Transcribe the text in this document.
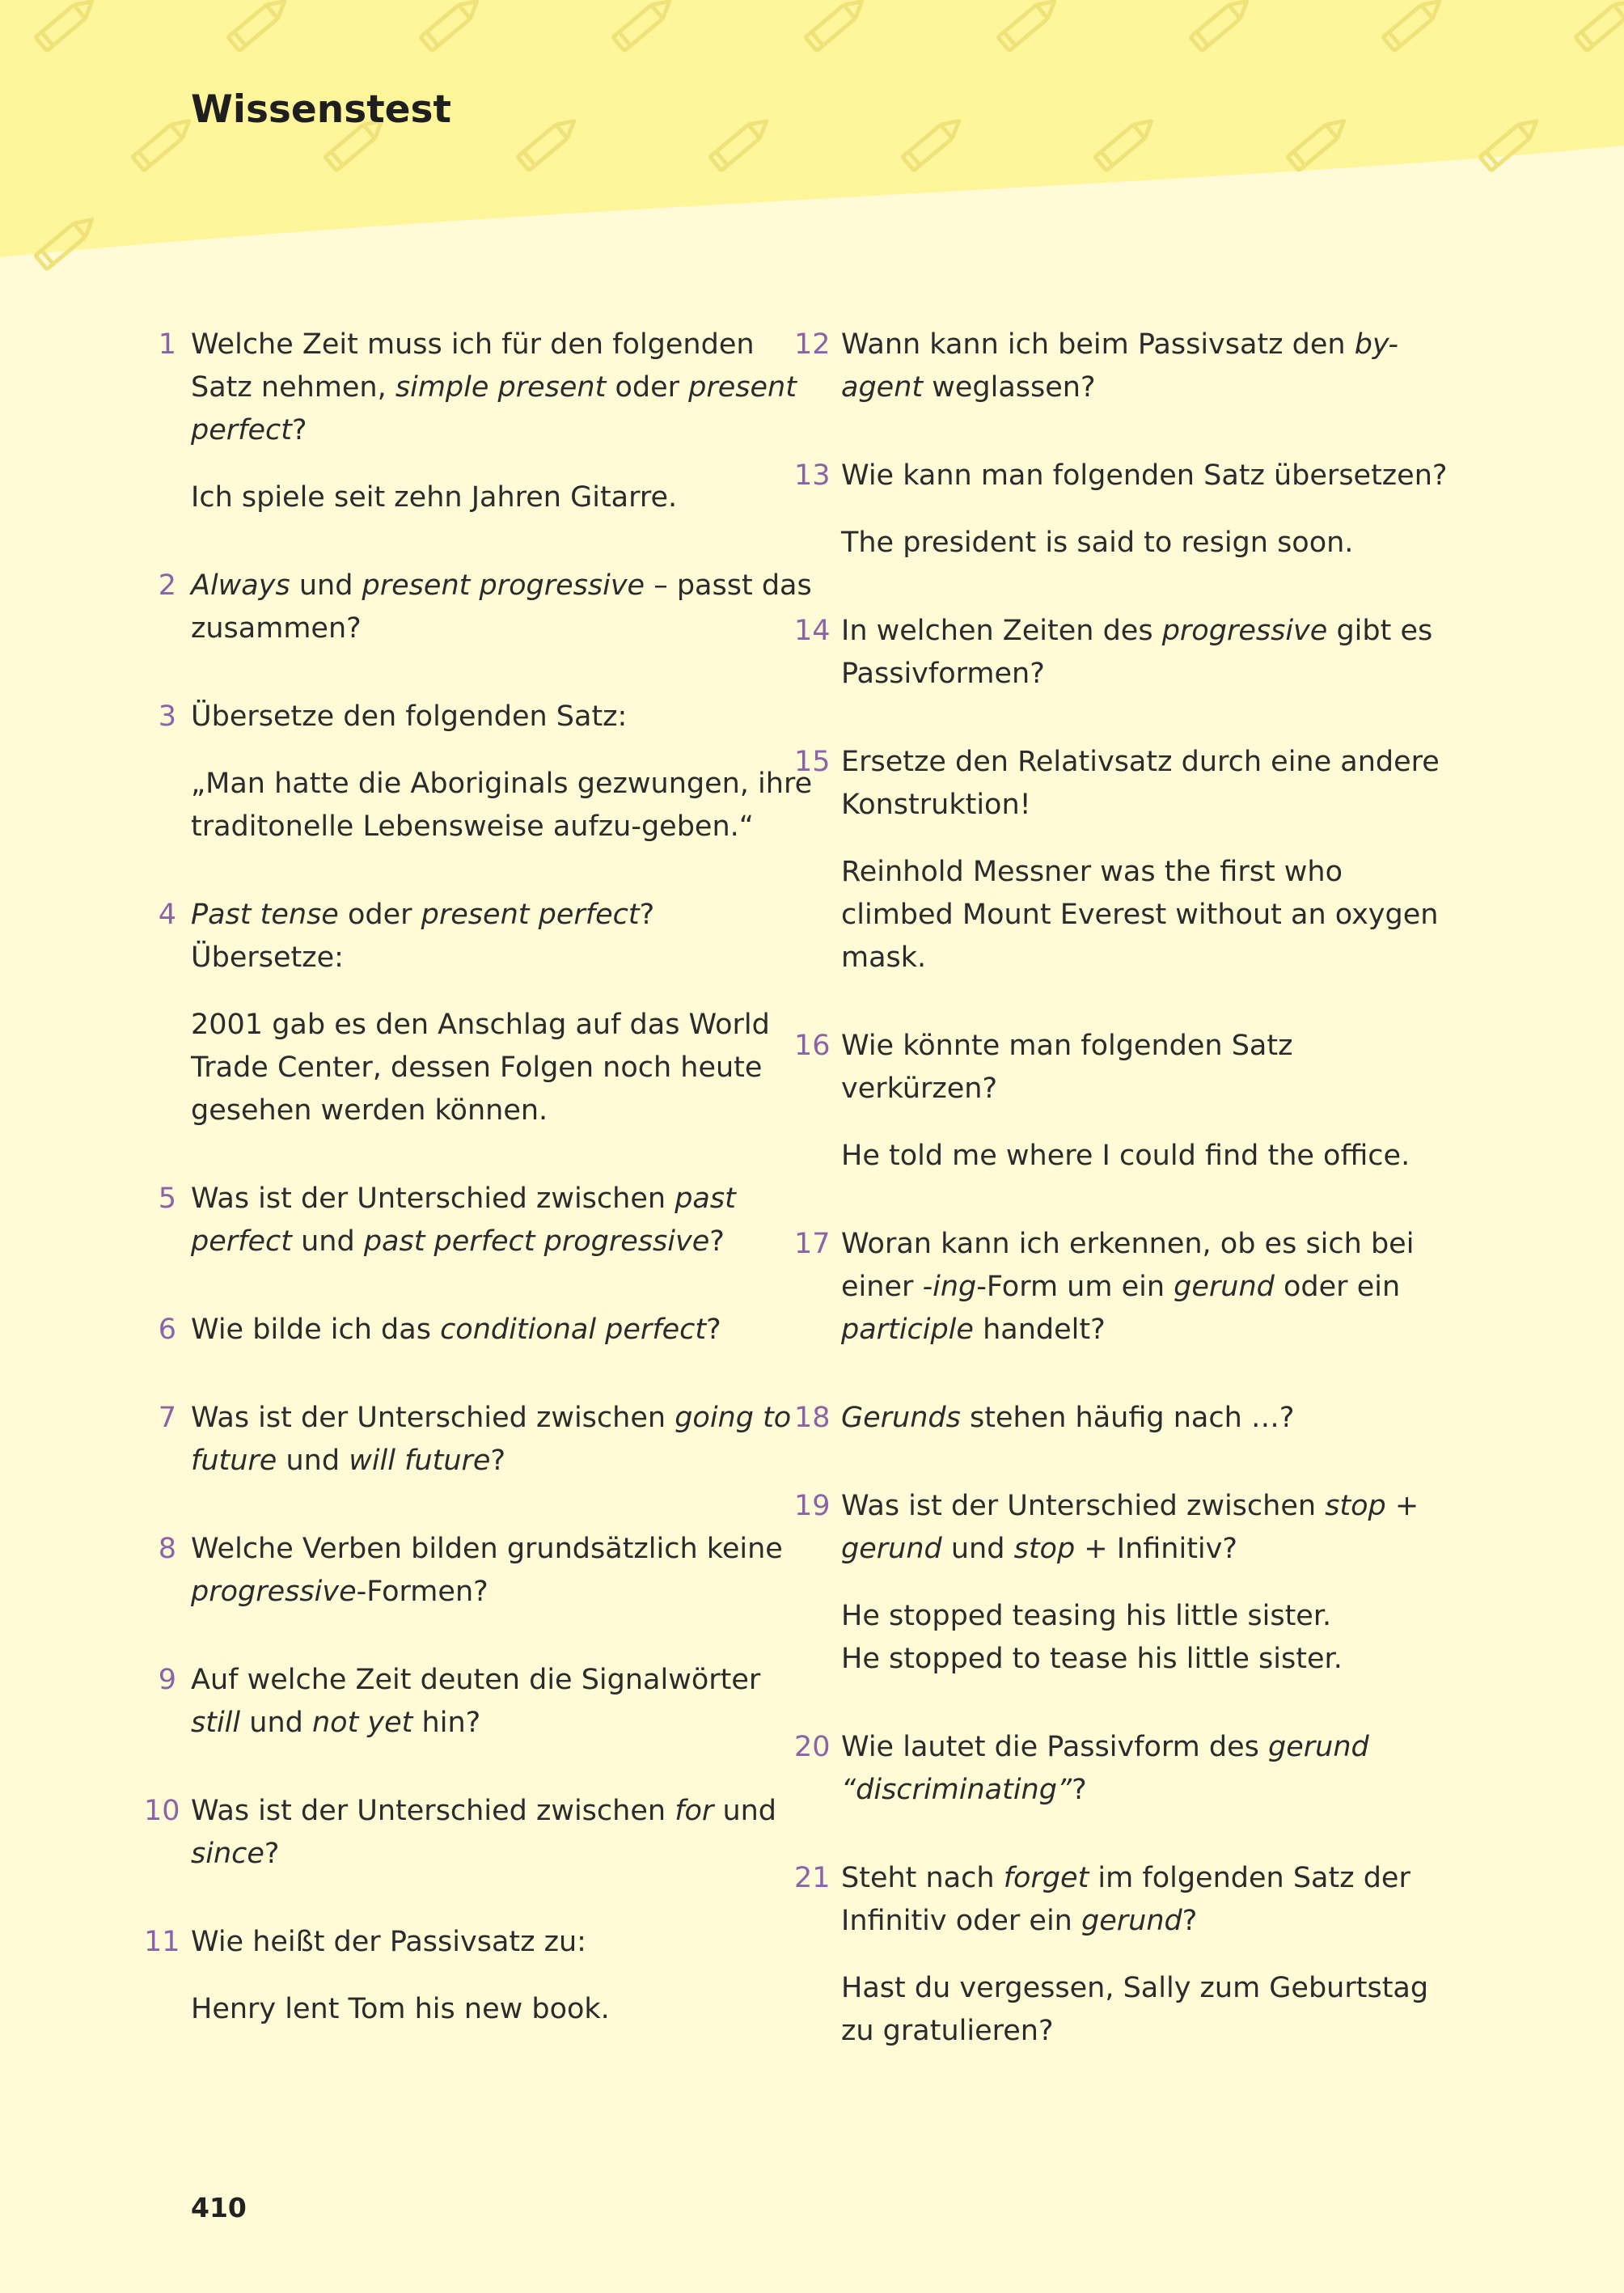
Wissenstest
1 Welche Zeit muss ich für den folgenden Satz nehmen, simple present oder present perfect?
Ich spiele seit zehn Jahren Gitarre.
2 Always und present progressive – passt das zusammen?
3 Übersetze den folgenden Satz:
„Man hatte die Aboriginals gezwungen, ihre traditonelle Lebensweise aufzu-geben.“
4 Past tense oder present perfect? Übersetze:
2001 gab es den Anschlag auf das World Trade Center, dessen Folgen noch heute gesehen werden können.
5 Was ist der Unterschied zwischen past perfect und past perfect progressive?
6 Wie bilde ich das conditional perfect?
7 Was ist der Unterschied zwischen going to future und will future?
8 Welche Verben bilden grundsätzlich keine progressive-Formen?
9 Auf welche Zeit deuten die Signalwörter still und not yet hin?
10 Was ist der Unterschied zwischen for und since?
11 Wie heißt der Passivsatz zu:
Henry lent Tom his new book.
12 Wann kann ich beim Passivsatz den by-agent weglassen?
13 Wie kann man folgenden Satz übersetzen?
The president is said to resign soon.
14 In welchen Zeiten des progressive gibt es Passivformen?
15 Ersetze den Relativsatz durch eine andere Konstruktion!
Reinhold Messner was the first who climbed Mount Everest without an oxygen mask.
16 Wie könnte man folgenden Satz verkürzen?
He told me where I could find the office.
17 Woran kann ich erkennen, ob es sich bei einer -ing-Form um ein gerund oder ein participle handelt?
18 Gerunds stehen häufig nach …?
19 Was ist der Unterschied zwischen stop + gerund und stop + Infinitiv?
He stopped teasing his little sister.
He stopped to tease his little sister.
20 Wie lautet die Passivform des gerund “discriminating”?
21 Steht nach forget im folgenden Satz der Infinitiv oder ein gerund?
Hast du vergessen, Sally zum Geburtstag zu gratulieren?
410
